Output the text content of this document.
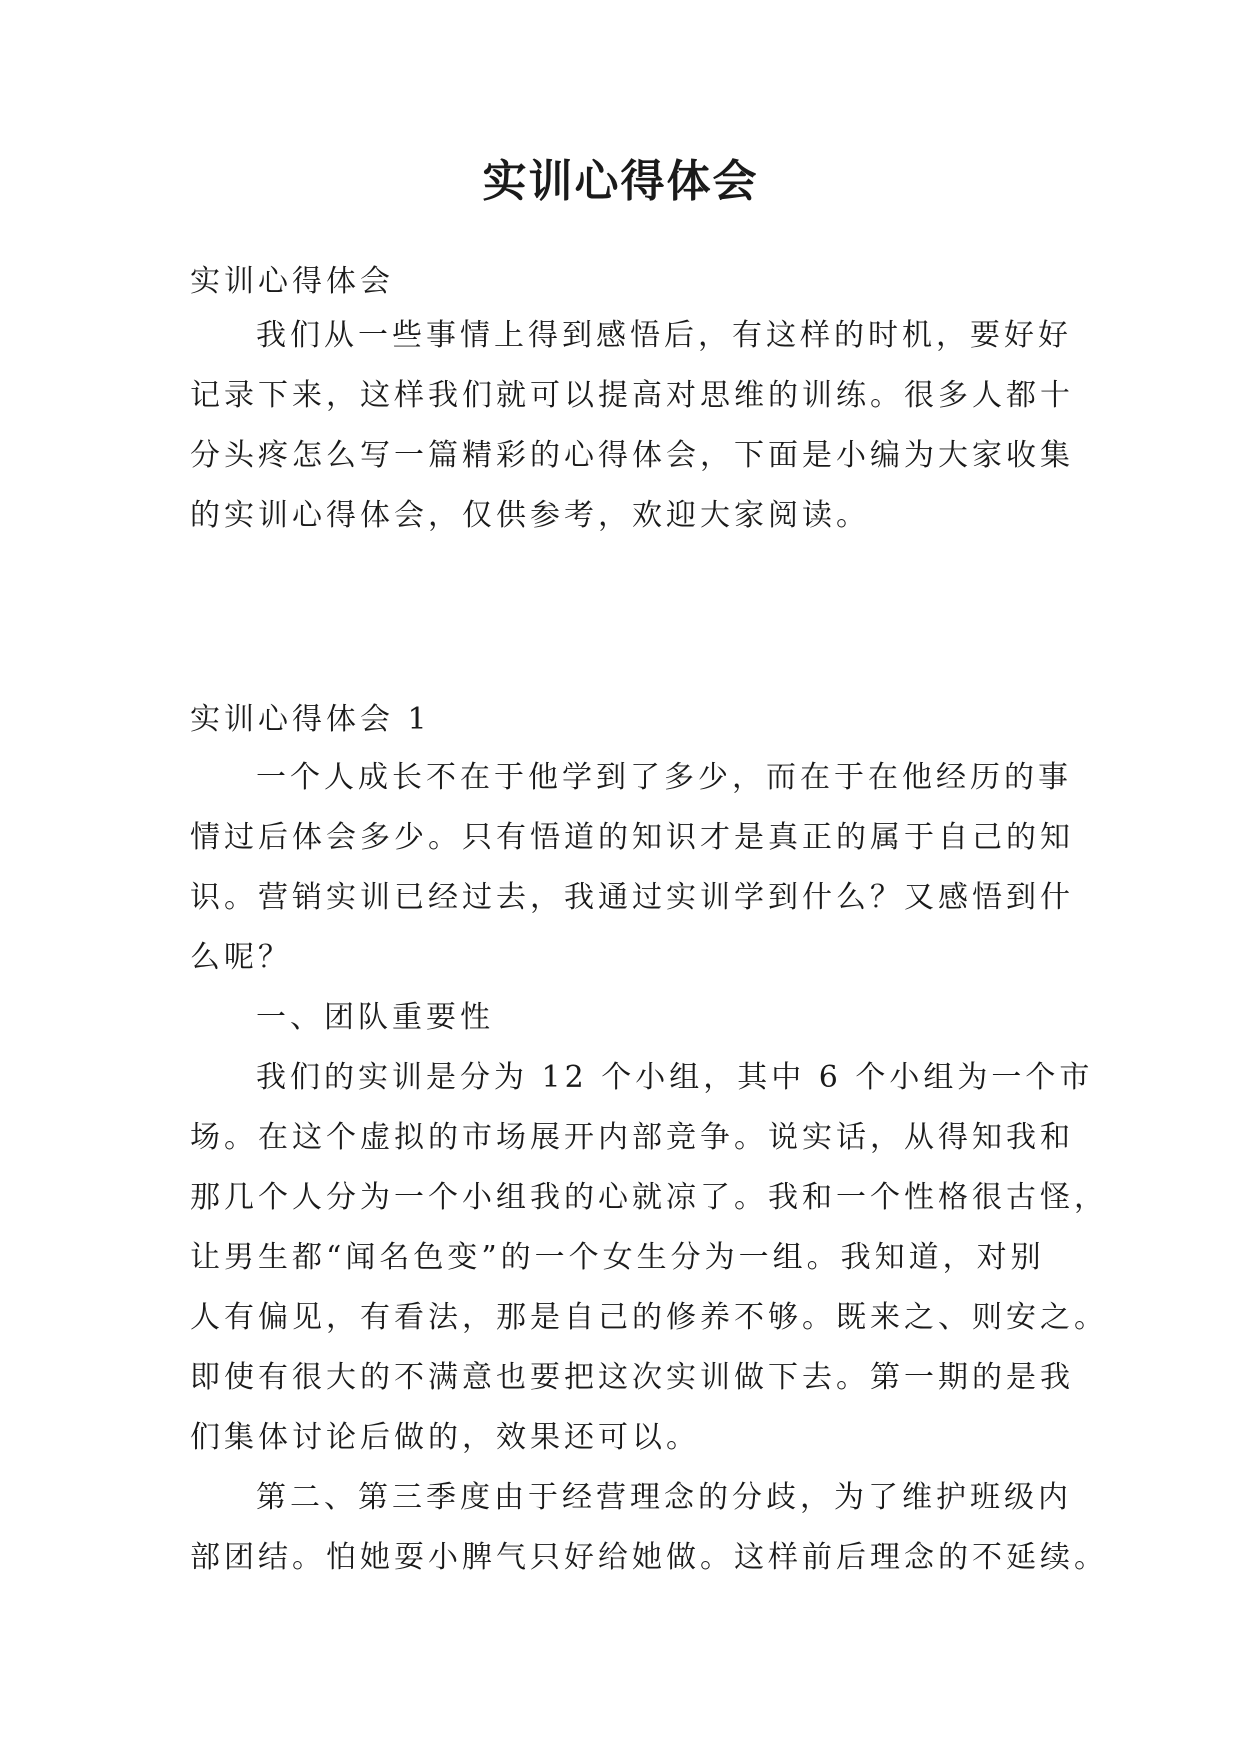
实训心得体会
实训心得体会
我们从一些事情上得到感悟后，有这样的时机，要好好
记录下来，这样我们就可以提高对思维的训练。很多人都十
分头疼怎么写一篇精彩的心得体会，下面是小编为大家收集
的实训心得体会，仅供参考，欢迎大家阅读。
实训心得体会 1
一个人成长不在于他学到了多少，而在于在他经历的事
情过后体会多少。只有悟道的知识才是真正的属于自己的知
识。营销实训已经过去，我通过实训学到什么？又感悟到什
么呢？
一、团队重要性
我们的实训是分为 12 个小组，其中 6 个小组为一个市
场。在这个虚拟的市场展开内部竞争。说实话，从得知我和
那几个人分为一个小组我的心就凉了。我和一个性格很古怪，
让男生都“闻名色变”的一个女生分为一组。我知道，对别
人有偏见，有看法，那是自己的修养不够。既来之、则安之。
即使有很大的不满意也要把这次实训做下去。第一期的是我
们集体讨论后做的，效果还可以。
第二、第三季度由于经营理念的分歧，为了维护班级内
部团结。怕她耍小脾气只好给她做。这样前后理念的不延续。
